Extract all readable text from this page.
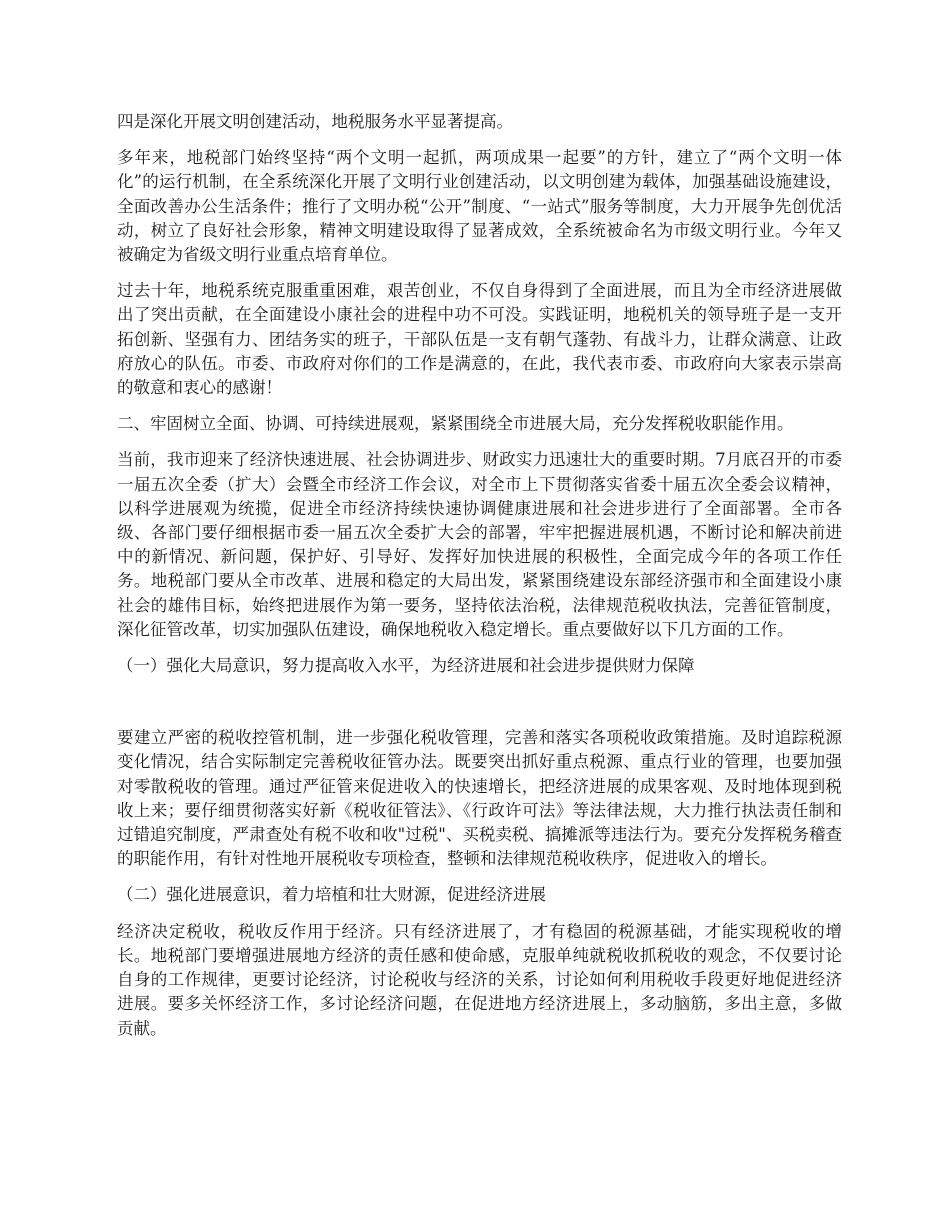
四是深化开展文明创建活动，地税服务水平显著提高。

多年来，地税部门始终坚持“两个文明一起抓，两项成果一起要”的方针，建立了“两个文明一体化”的运行机制，在全系统深化开展了文明行业创建活动，以文明创建为载体，加强基础设施建设，全面改善办公生活条件；推行了文明办税“公开”制度、“一站式”服务等制度，大力开展争先创优活动，树立了良好社会形象，精神文明建设取得了显著成效，全系统被命名为市级文明行业。今年又被确定为省级文明行业重点培育单位。

过去十年，地税系统克服重重困难，艰苦创业，不仅自身得到了全面进展，而且为全市经济进展做出了突出贡献，在全面建设小康社会的进程中功不可没。实践证明，地税机关的领导班子是一支开拓创新、坚强有力、团结务实的班子，干部队伍是一支有朝气蓬勃、有战斗力，让群众满意、让政府放心的队伍。市委、市政府对你们的工作是满意的，在此，我代表市委、市政府向大家表示崇高的敬意和衷心的感谢！

二、牢固树立全面、协调、可持续进展观，紧紧围绕全市进展大局，充分发挥税收职能作用。

当前，我市迎来了经济快速进展、社会协调进步、财政实力迅速壮大的重要时期。7月底召开的市委一届五次全委（扩大）会暨全市经济工作会议，对全市上下贯彻落实省委十届五次全委会议精神，以科学进展观为统揽，促进全市经济持续快速协调健康进展和社会进步进行了全面部署。全市各级、各部门要仔细根据市委一届五次全委扩大会的部署，牢牢把握进展机遇，不断讨论和解决前进中的新情况、新问题，保护好、引导好、发挥好加快进展的积极性，全面完成今年的各项工作任务。地税部门要从全市改革、进展和稳定的大局出发，紧紧围绕建设东部经济强市和全面建设小康社会的雄伟目标，始终把进展作为第一要务，坚持依法治税，法律规范税收执法，完善征管制度，深化征管改革，切实加强队伍建设，确保地税收入稳定增长。重点要做好以下几方面的工作。

（一）强化大局意识，努力提高收入水平，为经济进展和社会进步提供财力保障

要建立严密的税收控管机制，进一步强化税收管理，完善和落实各项税收政策措施。及时追踪税源变化情况，结合实际制定完善税收征管办法。既要突出抓好重点税源、重点行业的管理，也要加强对零散税收的管理。通过严征管来促进收入的快速增长，把经济进展的成果客观、及时地体现到税收上来；要仔细贯彻落实好新《税收征管法》、《行政许可法》等法律法规，大力推行执法责任制和过错追究制度，严肃查处有税不收和收"过税"、买税卖税、搞摊派等违法行为。要充分发挥税务稽查的职能作用，有针对性地开展税收专项检查，整顿和法律规范税收秩序，促进收入的增长。

（二）强化进展意识，着力培植和壮大财源，促进经济进展

经济决定税收，税收反作用于经济。只有经济进展了，才有稳固的税源基础，才能实现税收的增长。地税部门要增强进展地方经济的责任感和使命感，克服单纯就税收抓税收的观念，不仅要讨论自身的工作规律，更要讨论经济，讨论税收与经济的关系，讨论如何利用税收手段更好地促进经济进展。要多关怀经济工作，多讨论经济问题，在促进地方经济进展上，多动脑筋，多出主意，多做贡献。
